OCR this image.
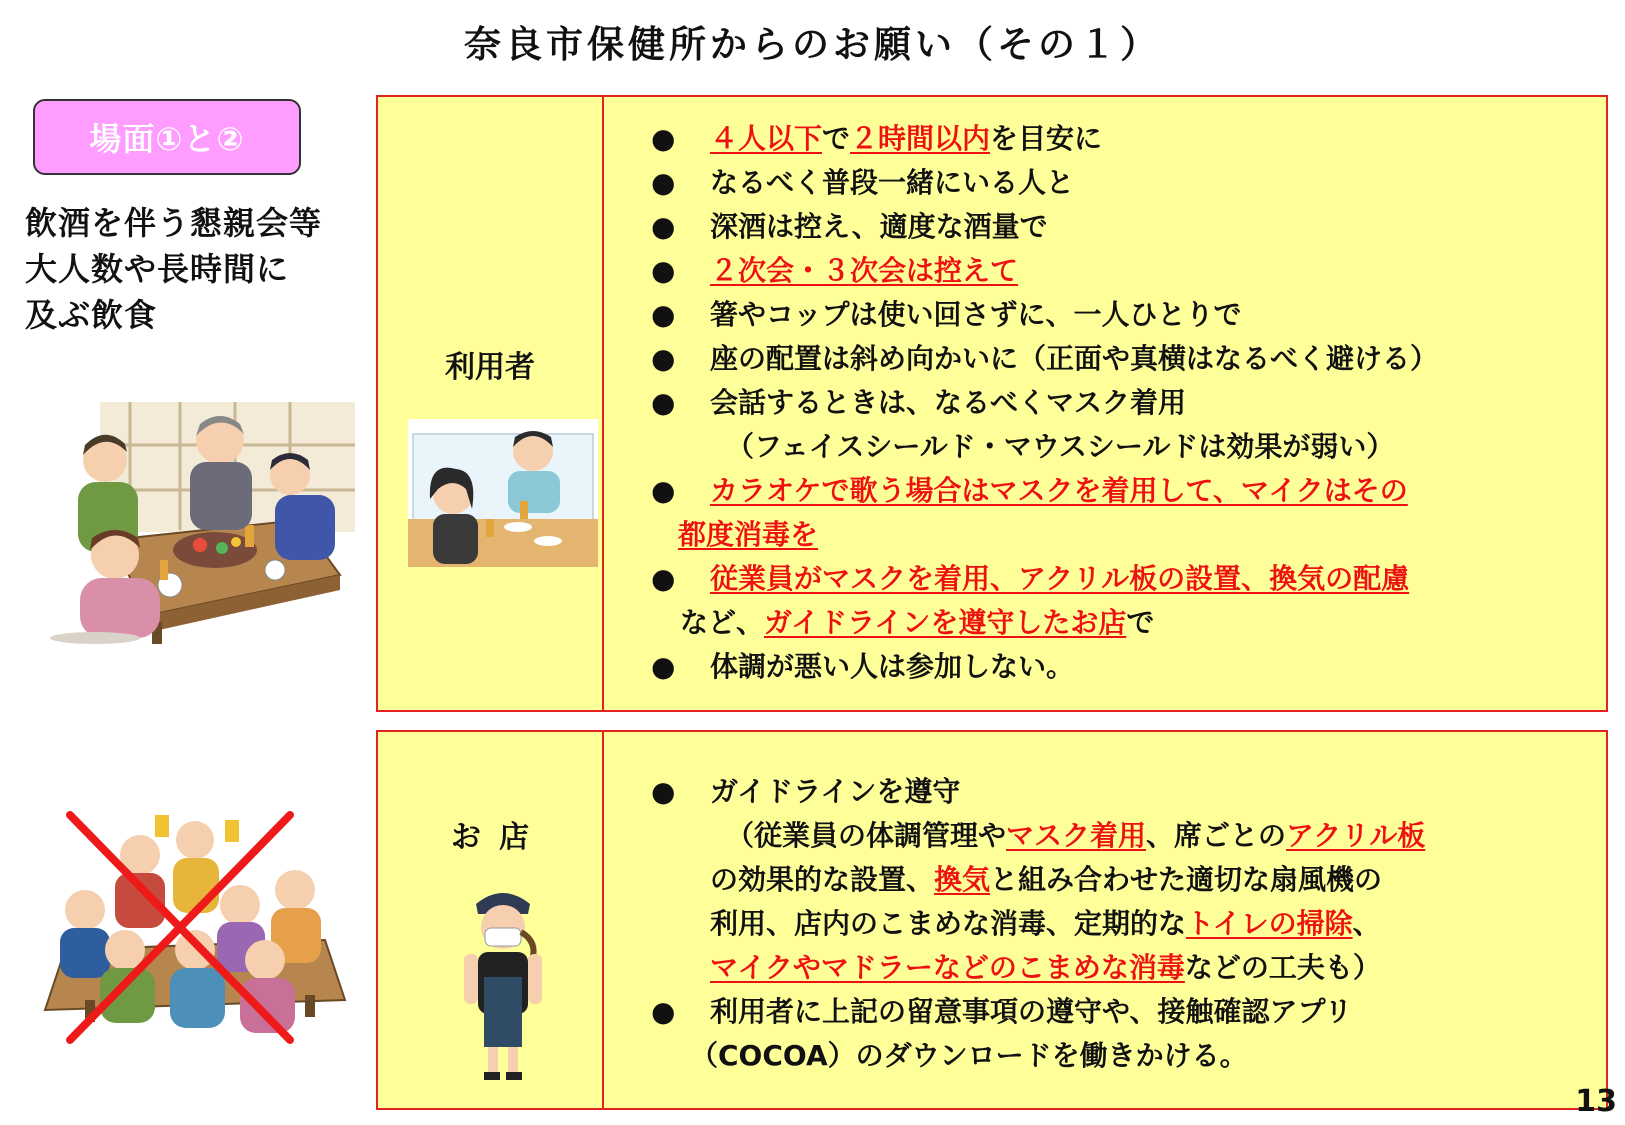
奈良市保健所からのお願い（その１）
場面①と②
飲酒を伴う懇親会等
大人数や長時間に
及ぶ飲食
利用者
● ４人以下で２時間以内を目安に
● なるべく普段一緒にいる人と
● 深酒は控え、適度な酒量で
● ２次会・３次会は控えて
● 箸やコップは使い回さずに、一人ひとりで
● 座の配置は斜め向かいに（正面や真横はなるべく避ける）
● 会話するときは、なるべくマスク着用
（フェイスシールド・マウスシールドは効果が弱い）
● カラオケで歌う場合はマスクを着用して、マイクはその
都度消毒を
● 従業員がマスクを着用、アクリル板の設置、換気の配慮
など、ガイドラインを遵守したお店で
● 体調が悪い人は参加しない。
お店
● ガイドラインを遵守
（従業員の体調管理やマスク着用、席ごとのアクリル板
の効果的な設置、換気と組み合わせた適切な扇風機の
利用、店内のこまめな消毒、定期的なトイレの掃除、
マイクやマドラーなどのこまめな消毒などの工夫も）
● 利用者に上記の留意事項の遵守や、接触確認アプリ
（COCOA）のダウンロードを働きかける。
13
